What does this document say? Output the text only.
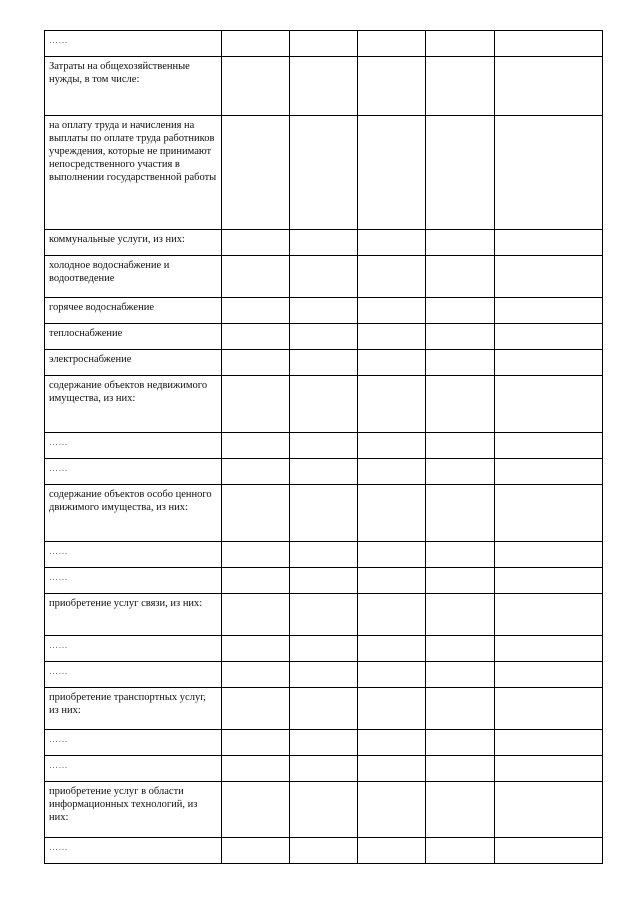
……					
Затраты на общехозяйственные нужды, в том числе:					
на оплату труда и начисления на выплаты по оплате труда работников учреждения, которые не принимают непосредственного участия в выполнении государственной работы					
коммунальные услуги, из них:					
холодное водоснабжение и водоотведение					
горячее водоснабжение					
теплоснабжение					
электроснабжение					
содержание объектов недвижимого имущества, из них:					
……					
……					
содержание объектов особо ценного движимого имущества, из них:					
……					
……					
приобретение услуг связи, из них:					
……					
……					
приобретение транспортных услуг, из них:					
……					
……					
приобретение услуг в области информационных технологий, из них:					
……					
